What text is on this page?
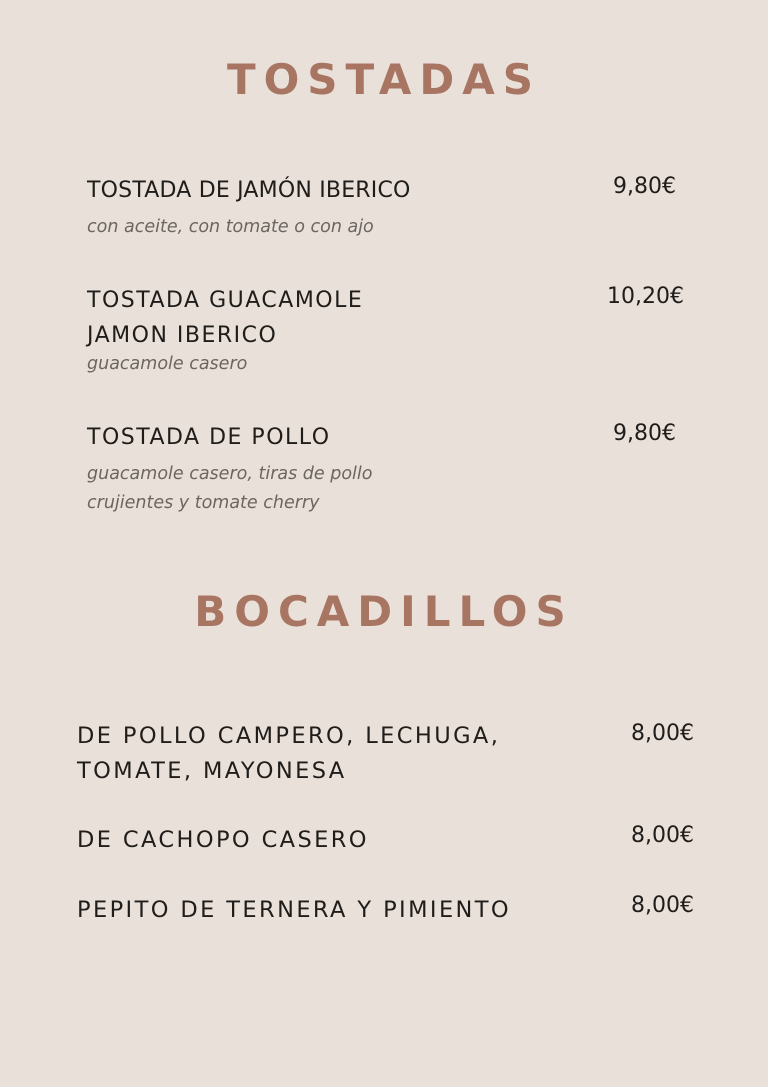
TOSTADAS
TOSTADA DE JAMÓN IBERICO
con aceite, con tomate o con ajo
9,80€
TOSTADA GUACAMOLE
JAMON IBERICO
guacamole casero
10,20€
TOSTADA DE POLLO
guacamole casero, tiras de pollo
crujientes y tomate cherry
9,80€
BOCADILLOS
DE POLLO CAMPERO, LECHUGA,
TOMATE, MAYONESA
8,00€
DE CACHOPO CASERO	8,00€
PEPITO DE TERNERA Y PIMIENTO	8,00€
